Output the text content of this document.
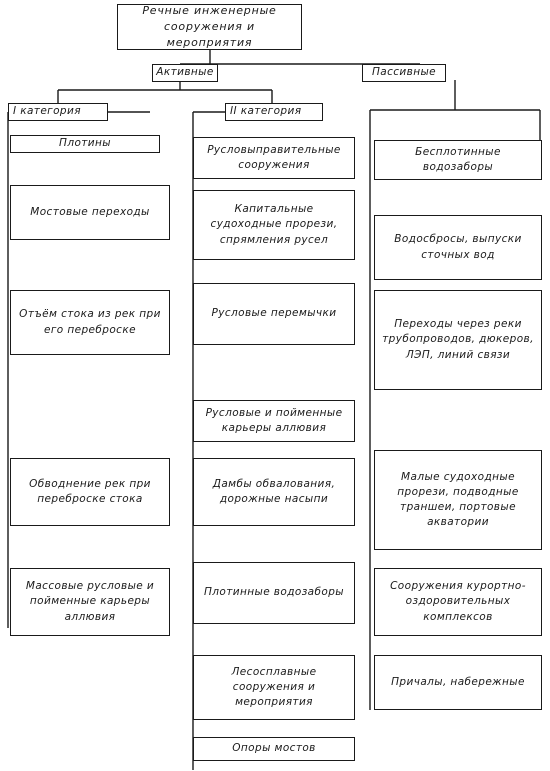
Речные инженерные сооружения и мероприятия
Активные	Пассивные
I категория	II категория
Плотины
Мостовые переходы
Отъём стока из рек при его переброске
Обводнение рек при переброске стока
Массовые русловые и пойменные карьеры аллювия
Русловыправительные сооружения
Капитальные судоходные прорези, спрямления русел
Русловые перемычки
Русловые и пойменные карьеры аллювия
Дамбы обвалования, дорожные насыпи
Плотинные водозаборы
Лесосплавные сооружения и мероприятия
Опоры мостов
Бесплотинные водозаборы
Водосбросы, выпуски сточных вод
Переходы через реки трубопроводов, дюкеров, ЛЭП, линий связи
Малые судоходные прорези, подводные траншеи, портовые акватории
Сооружения курортно-оздоровительных комплексов
Причалы, набережные
